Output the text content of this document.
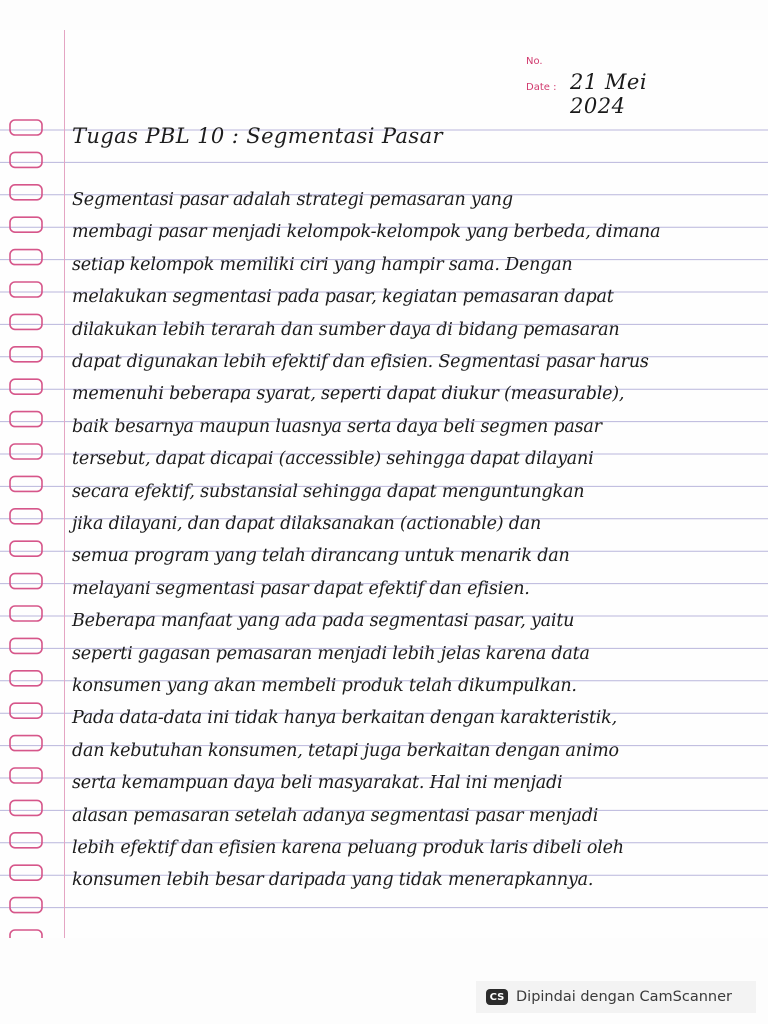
No.
Date : 21 Mei 2024
Tugas PBL 10 : Segmentasi Pasar
Segmentasi pasar adalah strategi pemasaran yang
membagi pasar menjadi kelompok-kelompok yang berbeda, dimana
setiap kelompok memiliki ciri yang hampir sama. Dengan
melakukan segmentasi pada pasar, kegiatan pemasaran dapat
dilakukan lebih terarah dan sumber daya di bidang pemasaran
dapat digunakan lebih efektif dan efisien. Segmentasi pasar harus
memenuhi beberapa syarat, seperti dapat diukur (measurable),
baik besarnya maupun luasnya serta daya beli segmen pasar
tersebut, dapat dicapai (accessible) sehingga dapat dilayani
secara efektif, substansial sehingga dapat menguntungkan
jika dilayani, dan dapat dilaksanakan (actionable) dan
semua program yang telah dirancang untuk menarik dan
melayani segmentasi pasar dapat efektif dan efisien.
Beberapa manfaat yang ada pada segmentasi pasar, yaitu
seperti gagasan pemasaran menjadi lebih jelas karena data
konsumen yang akan membeli produk telah dikumpulkan.
Pada data-data ini tidak hanya berkaitan dengan karakteristik,
dan kebutuhan konsumen, tetapi juga berkaitan dengan animo
serta kemampuan daya beli masyarakat. Hal ini menjadi
alasan pemasaran setelah adanya segmentasi pasar menjadi
lebih efektif dan efisien karena peluang produk laris dibeli oleh
konsumen lebih besar daripada yang tidak menerapkannya.
CS Dipindai dengan CamScanner
